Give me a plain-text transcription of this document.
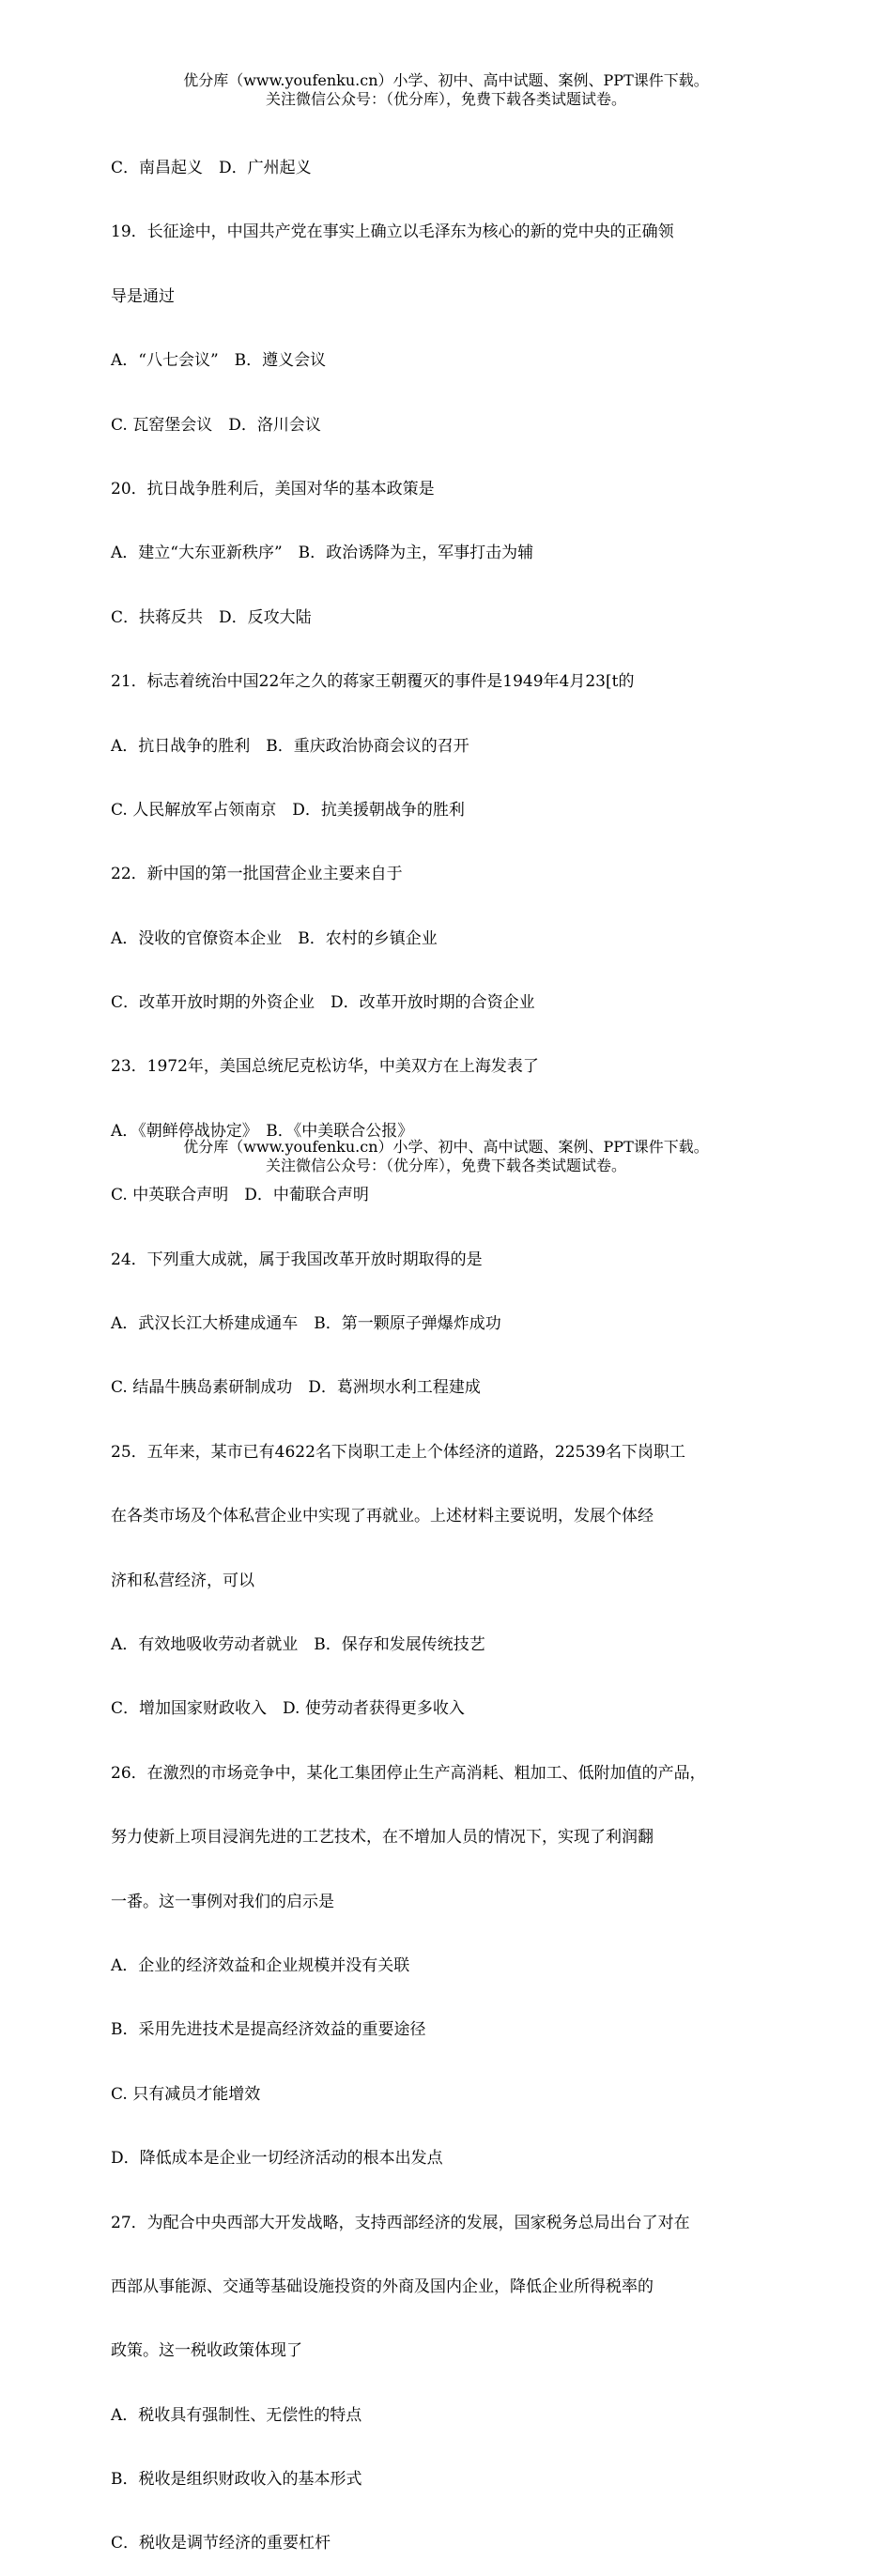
优分库（www.youfenku.cn）小学、初中、高中试题、案例、PPT课件下载。
关注微信公众号：（优分库），免费下载各类试题试卷。

C．南昌起义　D．广州起义

19．长征途中，中国共产党在事实上确立以毛泽东为核心的新的党中央的正确领

导是通过

A．“八七会议”　B．遵义会议

C. 瓦窑堡会议　D．洛川会议

20．抗日战争胜利后，美国对华的基本政策是

A．建立“大东亚新秩序”　B．政治诱降为主，军事打击为辅

C．扶蒋反共　D．反攻大陆

21．标志着统治中国22年之久的蒋家王朝覆灭的事件是1949年4月23[t的

A．抗日战争的胜利　B．重庆政治协商会议的召开

C. 人民解放军占领南京　D．抗美援朝战争的胜利

22．新中国的第一批国营企业主要来自于

A．没收的官僚资本企业　B．农村的乡镇企业

C．改革开放时期的外资企业　D．改革开放时期的合资企业

23．1972年，美国总统尼克松访华，中美双方在上海发表了

A．《朝鲜停战协定》　B．《中美联合公报》

C. 中英联合声明　D．中葡联合声明

24．下列重大成就，属于我国改革开放时期取得的是

A．武汉长江大桥建成通车　B．第一颗原子弹爆炸成功

C. 结晶牛胰岛素研制成功　D．葛洲坝水利工程建成

25．五年来，某市已有4622名下岗职工走上个体经济的道路，22539名下岗职工

在各类市场及个体私营企业中实现了再就业。上述材料主要说明，发展个体经

济和私营经济，可以

A．有效地吸收劳动者就业　B．保存和发展传统技艺

C．增加国家财政收入　D. 使劳动者获得更多收入

26．在激烈的市场竞争中，某化工集团停止生产高消耗、粗加工、低附加值的产品，

努力使新上项目浸润先进的工艺技术，在不增加人员的情况下，实现了利润翻

一番。这一事例对我们的启示是

A．企业的经济效益和企业规模并没有关联

B．采用先进技术是提高经济效益的重要途径

C. 只有减员才能增效

D．降低成本是企业一切经济活动的根本出发点

27．为配合中央西部大开发战略，支持西部经济的发展，国家税务总局出台了对在

西部从事能源、交通等基础设施投资的外商及国内企业，降低企业所得税率的

政策。这一税收政策体现了

A．税收具有强制性、无偿性的特点

B．税收是组织财政收入的基本形式

C．税收是调节经济的重要杠杆

优分库（www.youfenku.cn）小学、初中、高中试题、案例、PPT课件下载。
关注微信公众号：（优分库），免费下载各类试题试卷。
